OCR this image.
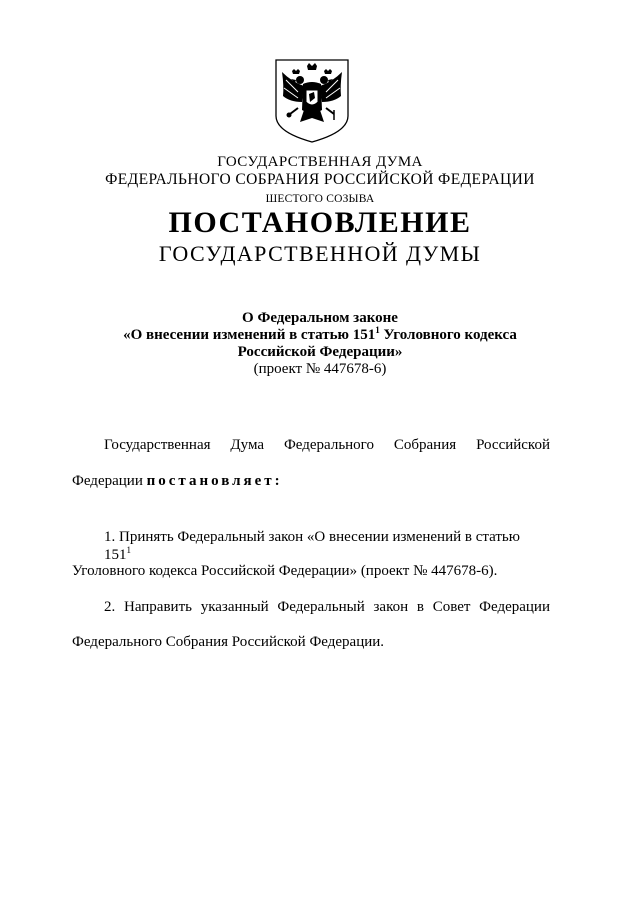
ГОСУДАРСТВЕННАЯ ДУМА
ФЕДЕРАЛЬНОГО СОБРАНИЯ РОССИЙСКОЙ ФЕДЕРАЦИИ
ШЕСТОГО СОЗЫВА
ПОСТАНОВЛЕНИЕ
ГОСУДАРСТВЕННОЙ ДУМЫ
О Федеральном законе
«О внесении изменений в статью $151^1$ Уголовного кодекса
Российской Федерации»
(проект № 447678-6)
Государственная Дума Федерального Собрания Российской
Федерации постановляет:
1. Принять Федеральный закон «О внесении изменений в статью $151^1$
Уголовного кодекса Российской Федерации» (проект № 447678-6).
2. Направить указанный Федеральный закон в Совет Федерации
Федерального Собрания Российской Федерации.
